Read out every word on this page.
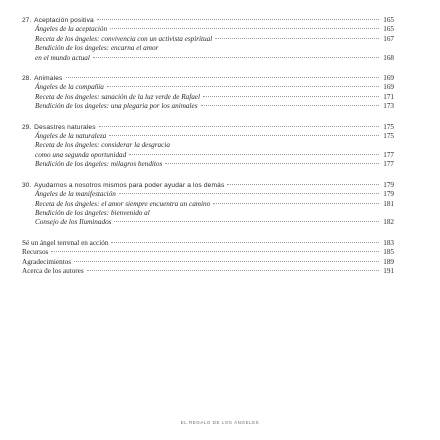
27. Aceptación positiva	165
Ángeles de la aceptación	165
Receta de los ángeles: convivencia con un activista espiritual	167
Bendición de los ángeles: encarna el amor
en el mundo actual	168
28. Animales	169
Ángeles de la compañía	169
Receta de los ángeles: sanación de la luz verde de Rafael	171
Bendición de los ángeles: una plegaria por los animales	173
29. Desastres naturales	175
Ángeles de la naturaleza	175
Receta de los ángeles: considerar la desgracia
como una segunda oportunidad	177
Bendición de los ángeles: milagros benditos	177
30. Ayudarnos a nosotros mismos para poder ayudar a los demás	179
Ángeles de la manifestación	179
Receta de los ángeles: el amor siempre encuentra un camino	181
Bendición de los ángeles: bienvenido al
Consejo de los Iluminados	182
Sé un ángel terrenal en acción	183
Recursos	185
Agradecimientos	189
Acerca de los autores	191
EL REGALO DE LOS ÁNGELES
